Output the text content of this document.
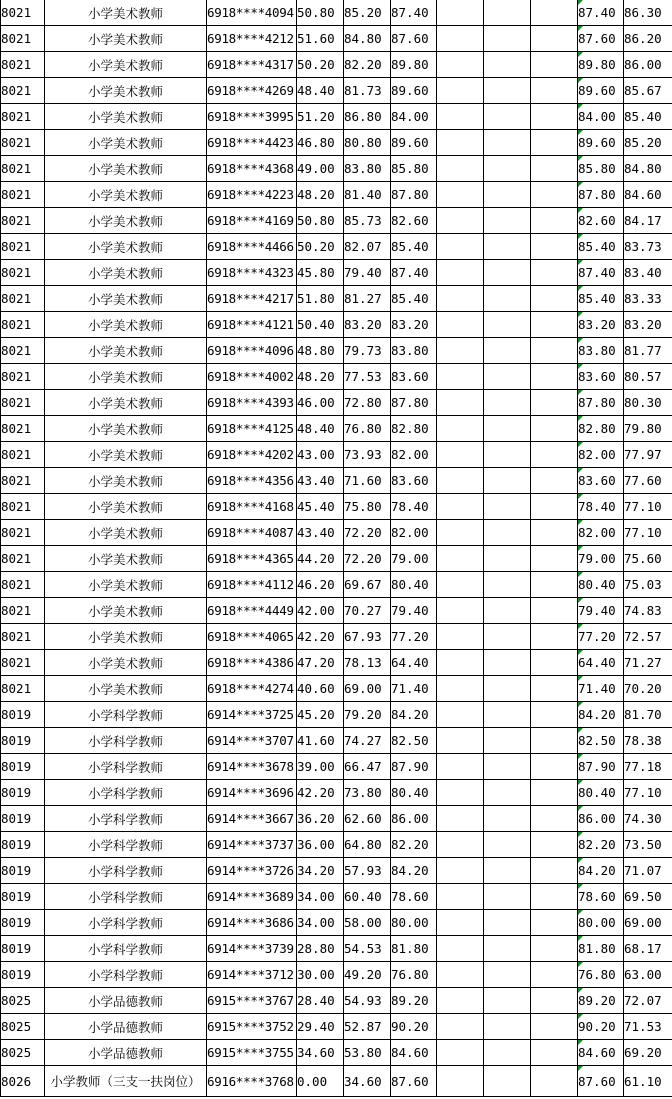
8021	小学美术教师	6918****4094	50.80	85.20	87.40				87.40	86.30
8021	小学美术教师	6918****4212	51.60	84.80	87.60				87.60	86.20
8021	小学美术教师	6918****4317	50.20	82.20	89.80				89.80	86.00
8021	小学美术教师	6918****4269	48.40	81.73	89.60				89.60	85.67
8021	小学美术教师	6918****3995	51.20	86.80	84.00				84.00	85.40
8021	小学美术教师	6918****4423	46.80	80.80	89.60				89.60	85.20
8021	小学美术教师	6918****4368	49.00	83.80	85.80				85.80	84.80
8021	小学美术教师	6918****4223	48.20	81.40	87.80				87.80	84.60
8021	小学美术教师	6918****4169	50.80	85.73	82.60				82.60	84.17
8021	小学美术教师	6918****4466	50.20	82.07	85.40				85.40	83.73
8021	小学美术教师	6918****4323	45.80	79.40	87.40				87.40	83.40
8021	小学美术教师	6918****4217	51.80	81.27	85.40				85.40	83.33
8021	小学美术教师	6918****4121	50.40	83.20	83.20				83.20	83.20
8021	小学美术教师	6918****4096	48.80	79.73	83.80				83.80	81.77
8021	小学美术教师	6918****4002	48.20	77.53	83.60				83.60	80.57
8021	小学美术教师	6918****4393	46.00	72.80	87.80				87.80	80.30
8021	小学美术教师	6918****4125	48.40	76.80	82.80				82.80	79.80
8021	小学美术教师	6918****4202	43.00	73.93	82.00				82.00	77.97
8021	小学美术教师	6918****4356	43.40	71.60	83.60				83.60	77.60
8021	小学美术教师	6918****4168	45.40	75.80	78.40				78.40	77.10
8021	小学美术教师	6918****4087	43.40	72.20	82.00				82.00	77.10
8021	小学美术教师	6918****4365	44.20	72.20	79.00				79.00	75.60
8021	小学美术教师	6918****4112	46.20	69.67	80.40				80.40	75.03
8021	小学美术教师	6918****4449	42.00	70.27	79.40				79.40	74.83
8021	小学美术教师	6918****4065	42.20	67.93	77.20				77.20	72.57
8021	小学美术教师	6918****4386	47.20	78.13	64.40				64.40	71.27
8021	小学美术教师	6918****4274	40.60	69.00	71.40				71.40	70.20
8019	小学科学教师	6914****3725	45.20	79.20	84.20				84.20	81.70
8019	小学科学教师	6914****3707	41.60	74.27	82.50				82.50	78.38
8019	小学科学教师	6914****3678	39.00	66.47	87.90				87.90	77.18
8019	小学科学教师	6914****3696	42.20	73.80	80.40				80.40	77.10
8019	小学科学教师	6914****3667	36.20	62.60	86.00				86.00	74.30
8019	小学科学教师	6914****3737	36.00	64.80	82.20				82.20	73.50
8019	小学科学教师	6914****3726	34.20	57.93	84.20				84.20	71.07
8019	小学科学教师	6914****3689	34.00	60.40	78.60				78.60	69.50
8019	小学科学教师	6914****3686	34.00	58.00	80.00				80.00	69.00
8019	小学科学教师	6914****3739	28.80	54.53	81.80				81.80	68.17
8019	小学科学教师	6914****3712	30.00	49.20	76.80				76.80	63.00
8025	小学品德教师	6915****3767	28.40	54.93	89.20				89.20	72.07
8025	小学品德教师	6915****3752	29.40	52.87	90.20				90.20	71.53
8025	小学品德教师	6915****3755	34.60	53.80	84.60				84.60	69.20
8026	小学教师（三支一扶岗位）	6916****3768	0.00	34.60	87.60				87.60	61.10
